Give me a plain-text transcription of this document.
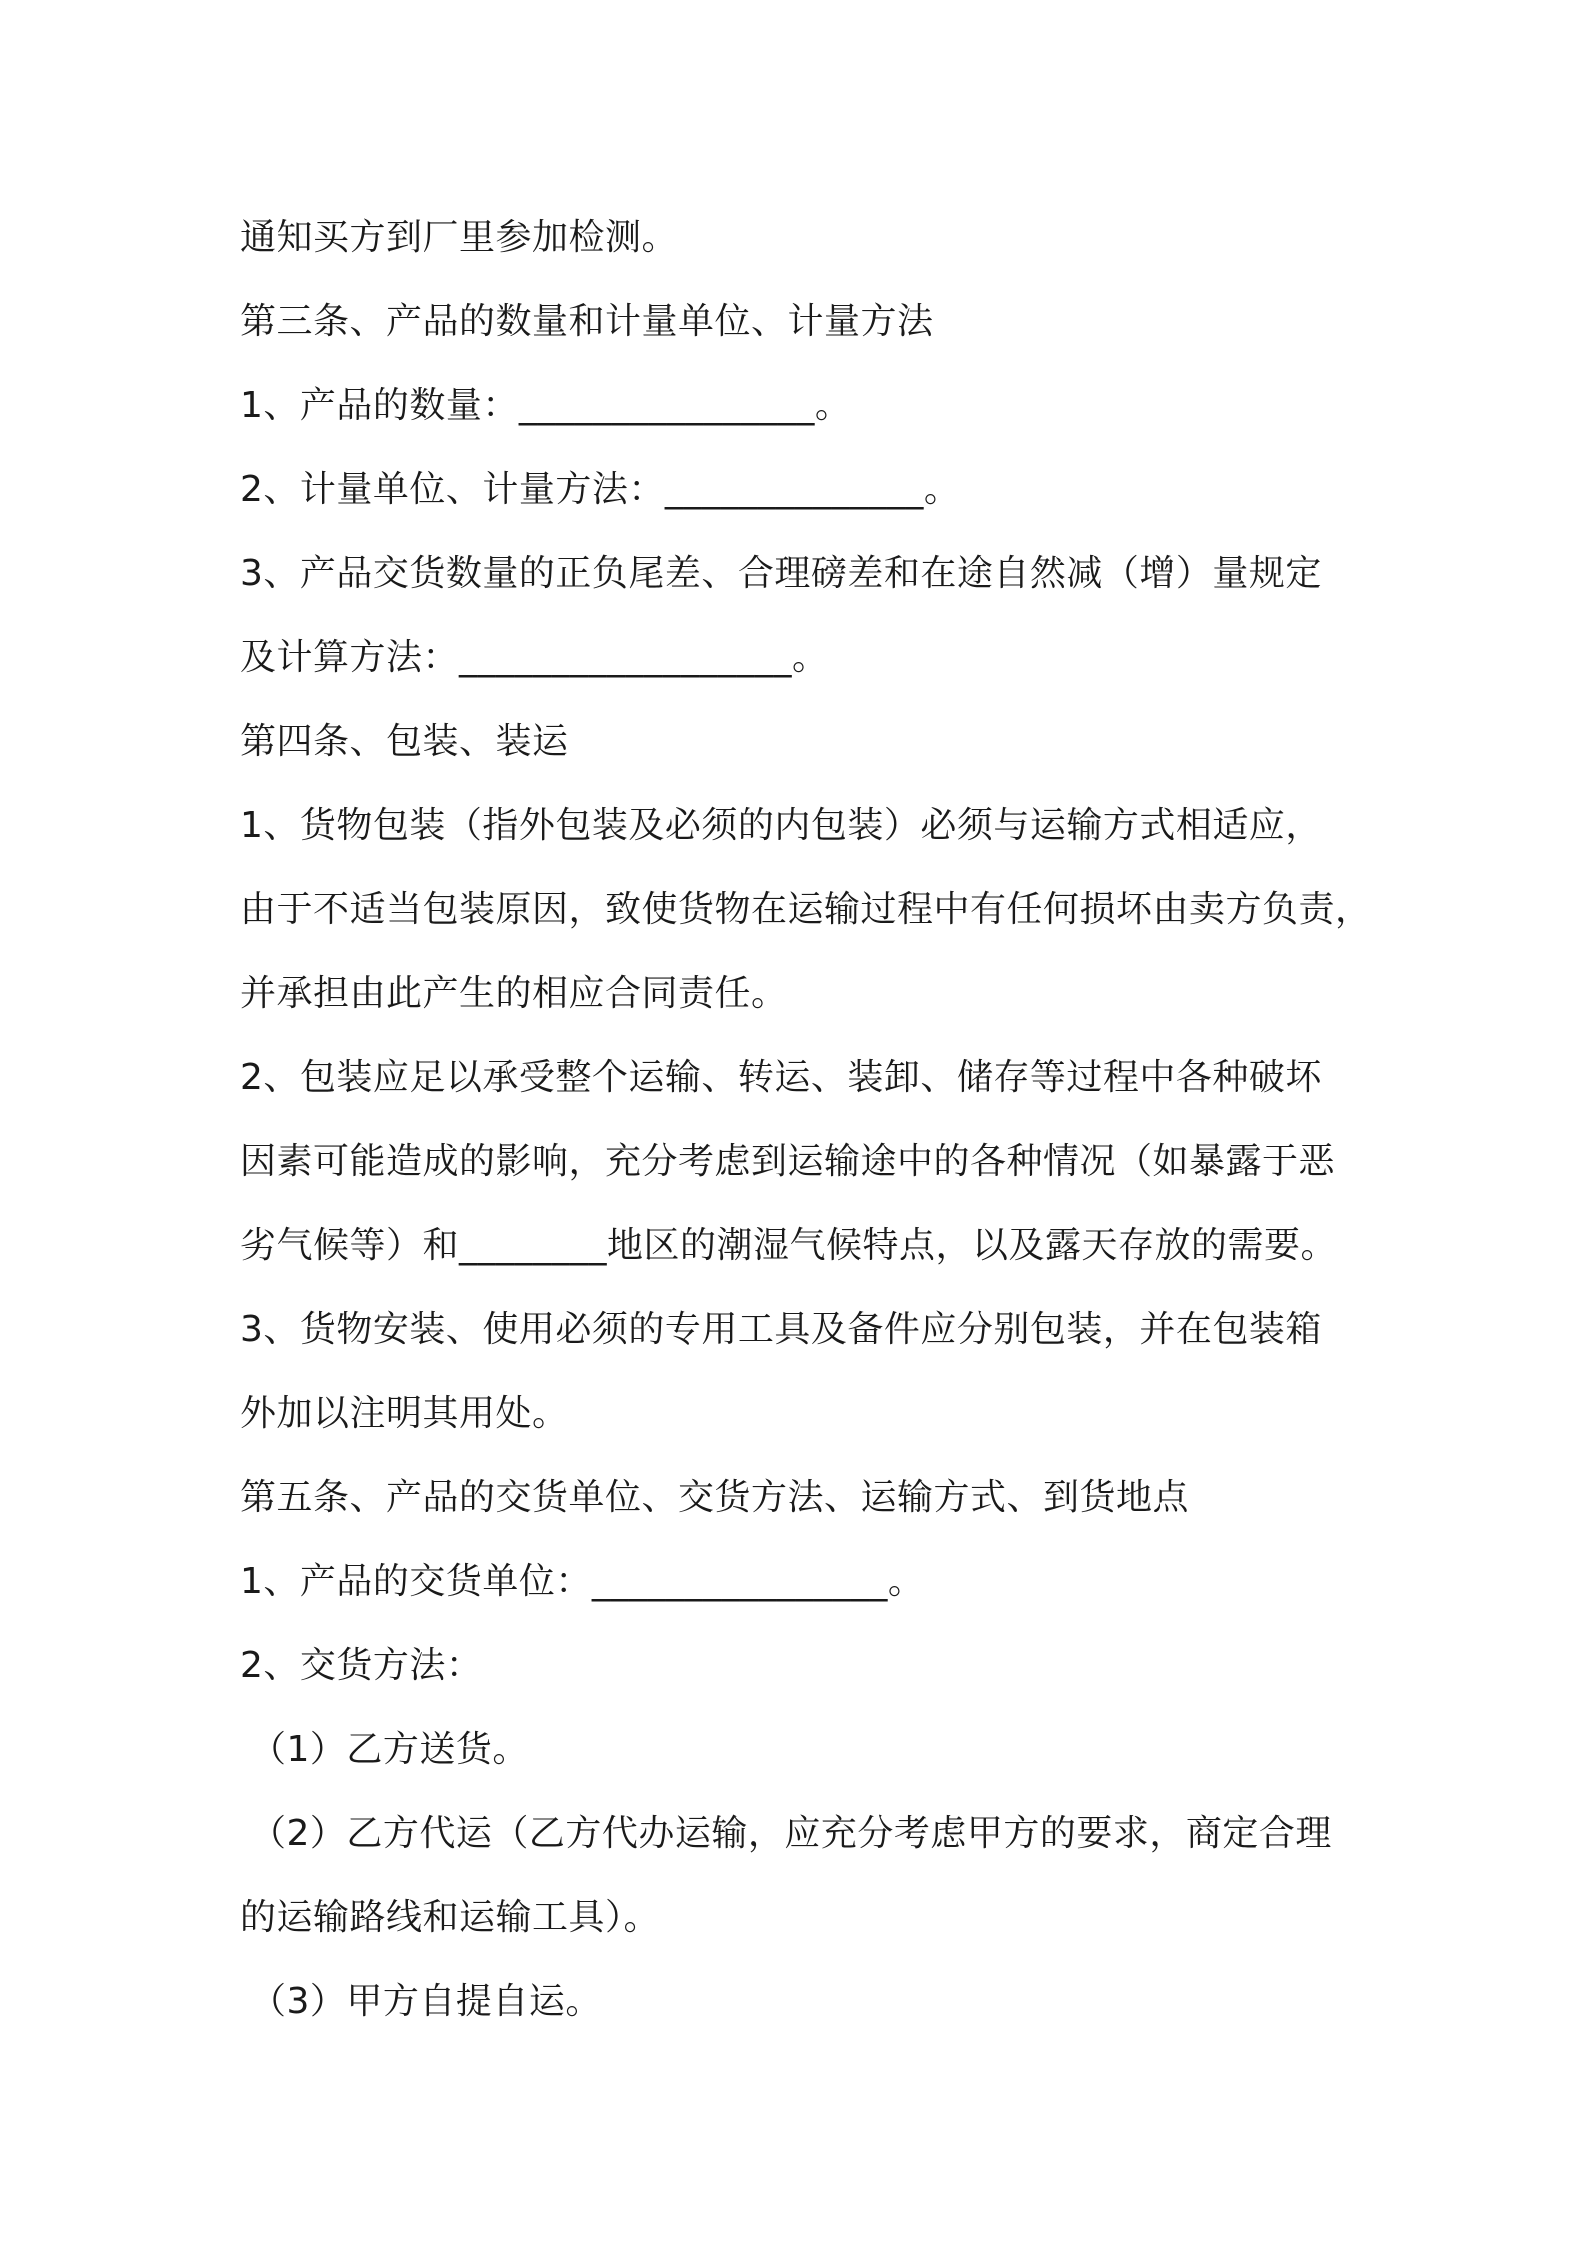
通知买方到厂里参加检测。
第三条、产品的数量和计量单位、计量方法
1、产品的数量：________________。
2、计量单位、计量方法：______________。
3、产品交货数量的正负尾差、合理磅差和在途自然减（增）量规定
及计算方法：__________________。
第四条、包装、装运
1、货物包装（指外包装及必须的内包装）必须与运输方式相适应，
由于不适当包装原因，致使货物在运输过程中有任何损坏由卖方负责，
并承担由此产生的相应合同责任。
2、包装应足以承受整个运输、转运、装卸、储存等过程中各种破坏
因素可能造成的影响，充分考虑到运输途中的各种情况（如暴露于恶
劣气候等）和________地区的潮湿气候特点，以及露天存放的需要。
3、货物安装、使用必须的专用工具及备件应分别包装，并在包装箱
外加以注明其用处。
第五条、产品的交货单位、交货方法、运输方式、到货地点
1、产品的交货单位：________________。
2、交货方法：
（1）乙方送货。
（2）乙方代运（乙方代办运输，应充分考虑甲方的要求，商定合理
的运输路线和运输工具）。
（3）甲方自提自运。
